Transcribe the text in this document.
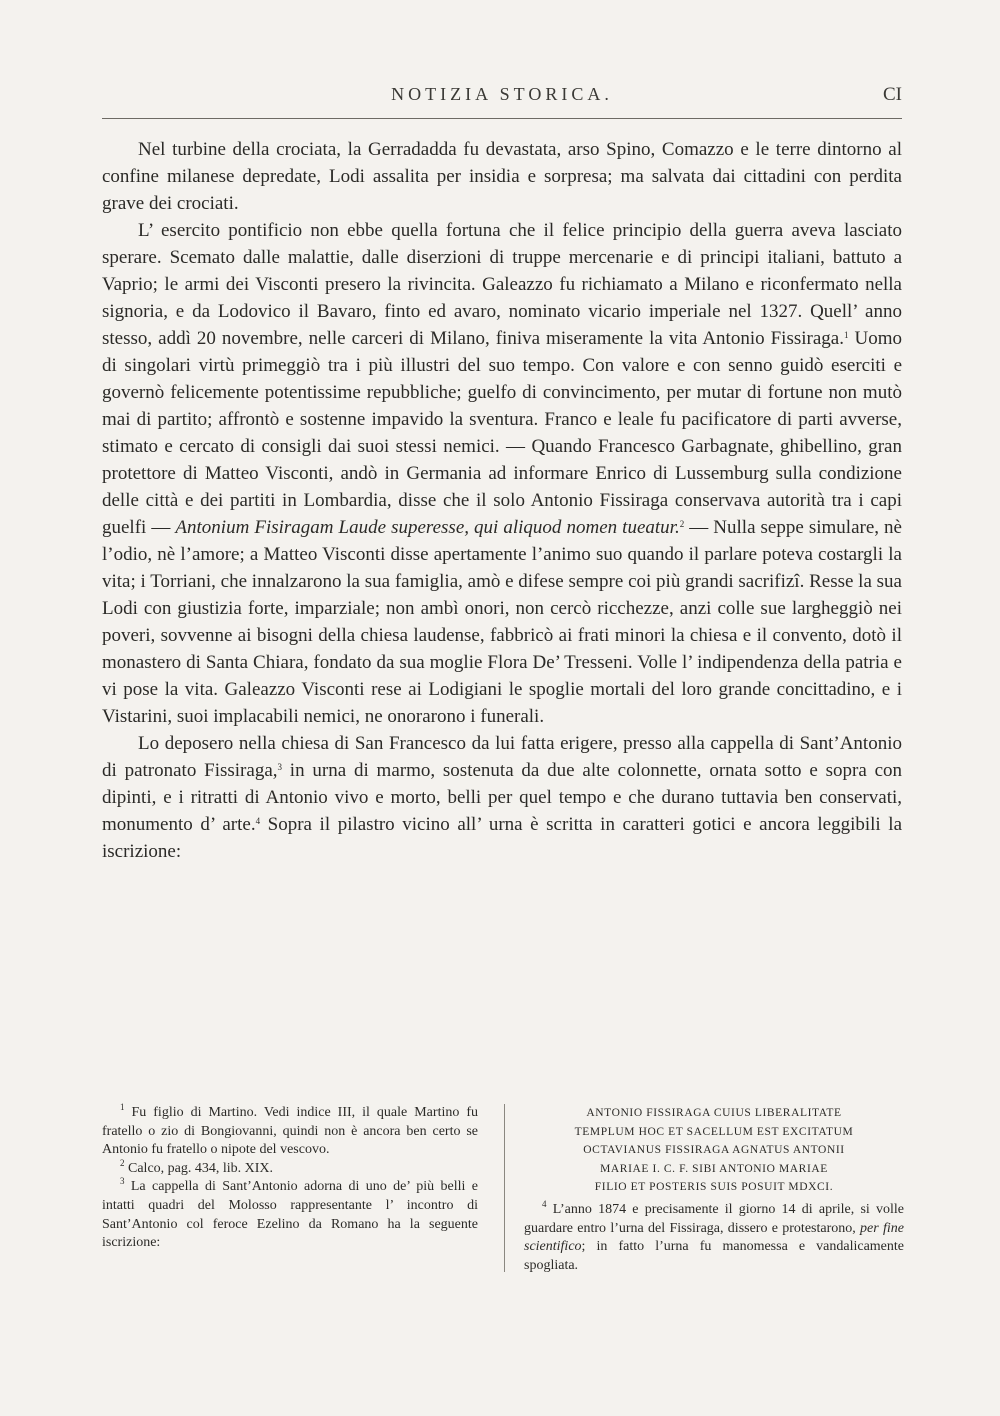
NOTIZIA STORICA.	CI

Nel turbine della crociata, la Gerradadda fu devastata, arso Spino, Comazzo e le terre dintorno al confine milanese depredate, Lodi assalita per insidia e sorpresa; ma salvata dai cittadini con perdita grave dei crociati.

L’ esercito pontificio non ebbe quella fortuna che il felice principio della guerra aveva lasciato sperare. Scemato dalle malattie, dalle diserzioni di truppe mercenarie e di principi italiani, battuto a Vaprio; le armi dei Visconti presero la rivincita. Galeazzo fu richiamato a Milano e riconfermato nella signoria, e da Lodovico il Bavaro, finto ed avaro, nominato vicario imperiale nel 1327. Quell’ anno stesso, addì 20 novembre, nelle carceri di Milano, finiva miseramente la vita Antonio Fissiraga.$^1$ Uomo di singolari virtù primeggiò tra i più illustri del suo tempo. Con valore e con senno guidò eserciti e governò felicemente potentissime repubbliche; guelfo di convincimento, per mutar di fortune non mutò mai di partito; affrontò e sostenne impavido la sventura. Franco e leale fu pacificatore di parti avverse, stimato e cercato di consigli dai suoi stessi nemici. — Quando Francesco Garbagnate, ghibellino, gran protettore di Matteo Visconti, andò in Germania ad informare Enrico di Lussemburg sulla condizione delle città e dei partiti in Lombardia, disse che il solo Antonio Fissiraga conservava autorità tra i capi guelfi — Antonium Fisiragam Laude superesse, qui aliquod nomen tueatur.$^2$ — Nulla seppe simulare, nè l’odio, nè l’amore; a Matteo Visconti disse apertamente l’animo suo quando il parlare poteva costargli la vita; i Torriani, che innalzarono la sua famiglia, amò e difese sempre coi più grandi sacrifizî. Resse la sua Lodi con giustizia forte, imparziale; non ambì onori, non cercò ricchezze, anzi colle sue largheggiò nei poveri, sovvenne ai bisogni della chiesa laudense, fabbricò ai frati minori la chiesa e il convento, dotò il monastero di Santa Chiara, fondato da sua moglie Flora De’ Tresseni. Volle l’ indipendenza della patria e vi pose la vita. Galeazzo Visconti rese ai Lodigiani le spoglie mortali del loro grande concittadino, e i Vistarini, suoi implacabili nemici, ne onorarono i funerali.

Lo deposero nella chiesa di San Francesco da lui fatta erigere, presso alla cappella di Sant’Antonio di patronato Fissiraga,$^3$ in urna di marmo, sostenuta da due alte colonnette, ornata sotto e sopra con dipinti, e i ritratti di Antonio vivo e morto, belli per quel tempo e che durano tuttavia ben conservati, monumento d’ arte.$^4$ Sopra il pilastro vicino all’ urna è scritta in caratteri gotici e ancora leggibili la iscrizione:

$^1$ Fu figlio di Martino. Vedi indice III, il quale Martino fu fratello o zio di Bongiovanni, quindi non è ancora ben certo se Antonio fu fratello o nipote del vescovo.

$^2$ Calco, pag. 434, lib. XIX.

$^3$ La cappella di Sant’Antonio adorna di uno de’ più belli e intatti quadri del Molosso rappresentante l’ incontro di Sant’Antonio col feroce Ezelino da Romano ha la seguente iscrizione:

ANTONIO FISSIRAGA CUIUS LIBERALITATE
TEMPLUM HOC ET SACELLUM EST EXCITATUM
OCTAVIANUS FISSIRAGA AGNATUS ANTONII
MARIAE I. C. F. SIBI ANTONIO MARIAE
FILIO ET POSTERIS SUIS POSUIT MDXCI.

$^4$ L’anno 1874 e precisamente il giorno 14 di aprile, si volle guardare entro l’urna del Fissiraga, dissero e protestarono, per fine scientifico; in fatto l’urna fu manomessa e vandalicamente spogliata.
